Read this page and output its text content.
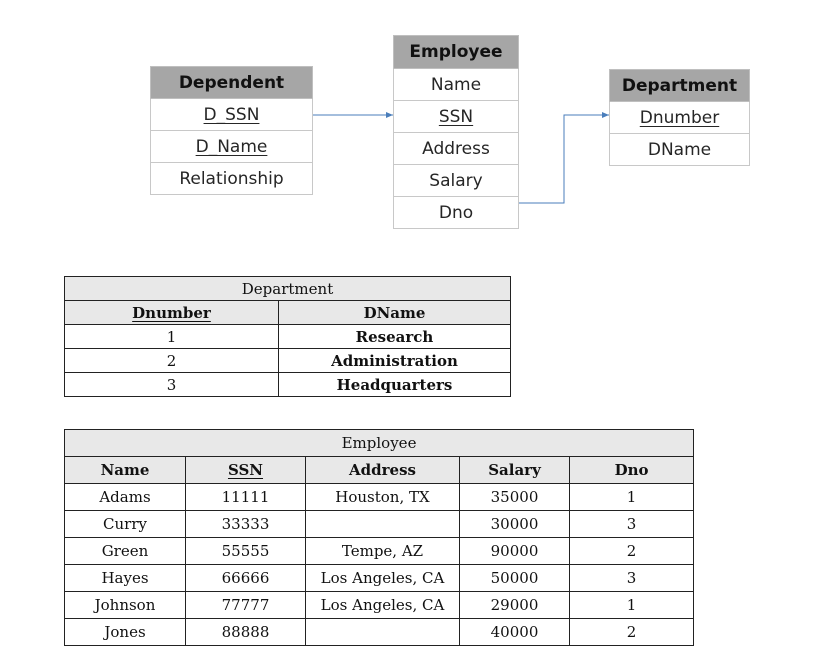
Dependent
D_SSN
D_Name
Relationship
Employee
Name
SSN
Address
Salary
Dno
Department
Dnumber
DName
Department	
Dnumber	DName
1	Research
2	Administration
3	Headquarters
Employee				
Name	SSN	Address	Salary	Dno
Adams	11111	Houston, TX	35000	1
Curry	33333		30000	3
Green	55555	Tempe, AZ	90000	2
Hayes	66666	Los Angeles, CA	50000	3
Johnson	77777	Los Angeles, CA	29000	1
Jones	88888		40000	2
